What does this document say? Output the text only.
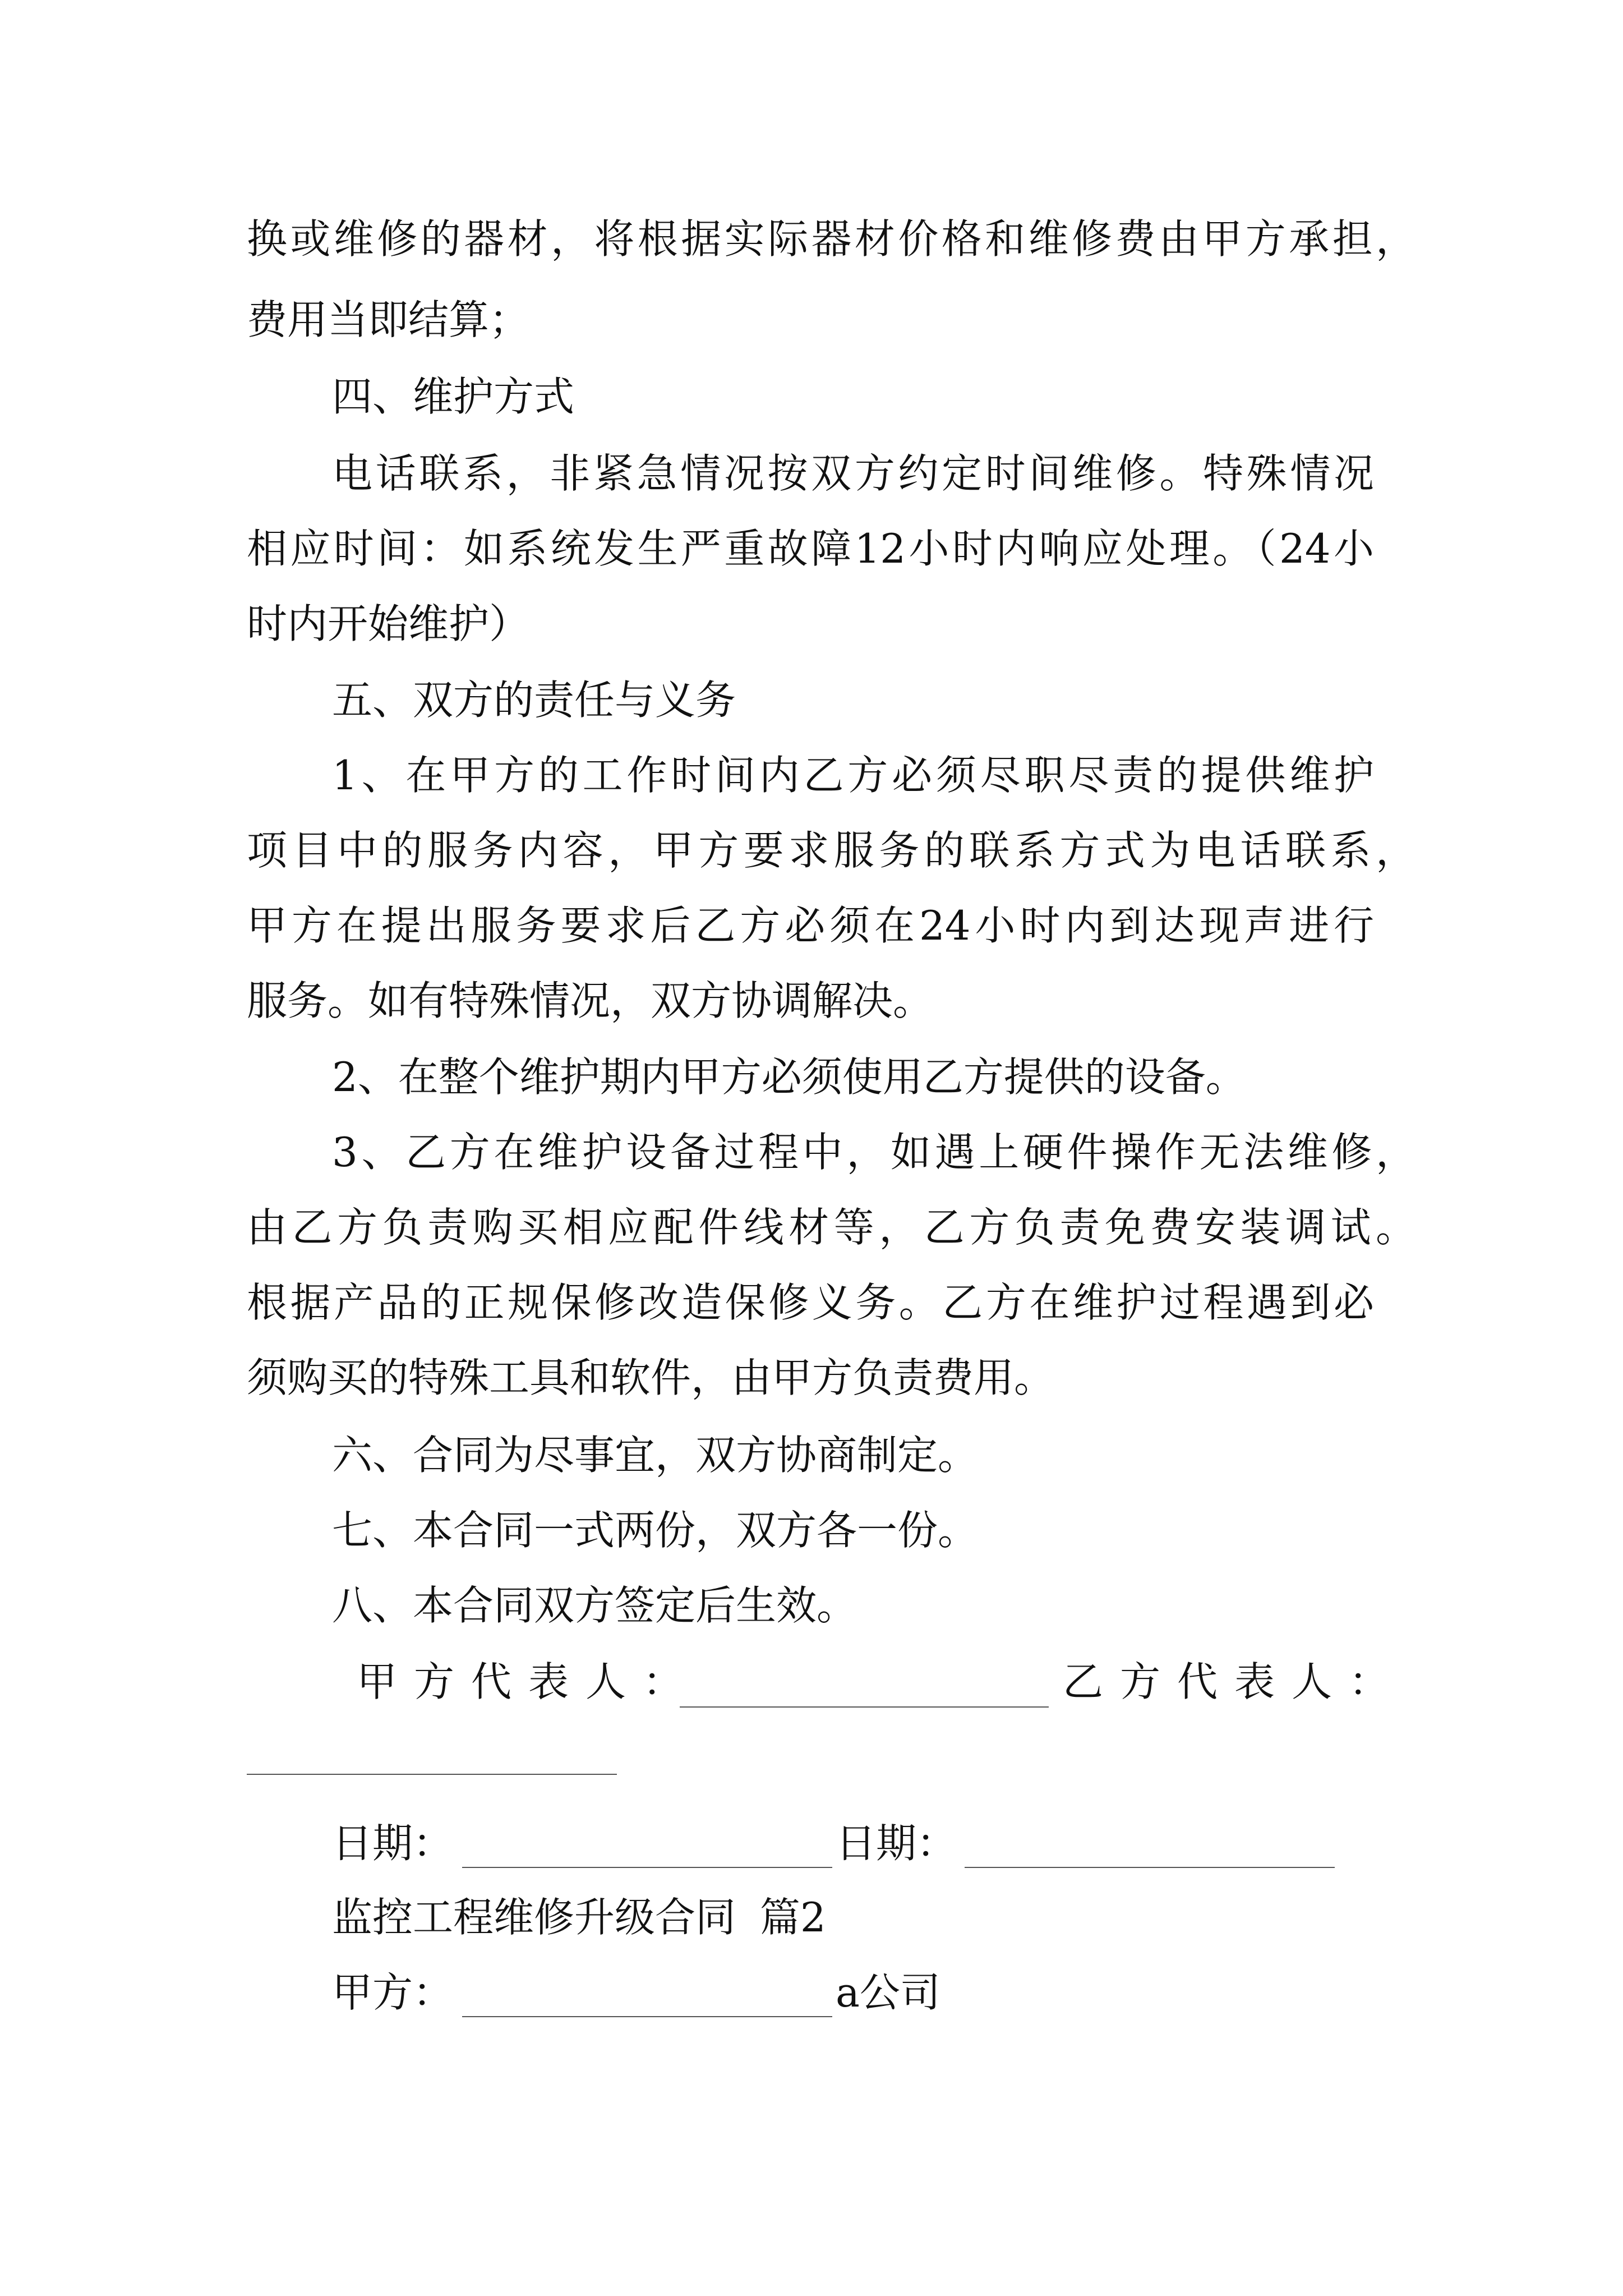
换或维修的器材，将根据实际器材价格和维修费由甲方承担，
费用当即结算；
四、维护方式
电话联系，非紧急情况按双方约定时间维修。特殊情况
相应时间：如系统发生严重故障12小时内响应处理。（24小
时内开始维护）
五、双方的责任与义务
1、在甲方的工作时间内乙方必须尽职尽责的提供维护
项目中的服务内容，甲方要求服务的联系方式为电话联系，
甲方在提出服务要求后乙方必须在24小时内到达现声进行
服务。如有特殊情况，双方协调解决。
2、在整个维护期内甲方必须使用乙方提供的设备。
3、乙方在维护设备过程中，如遇上硬件操作无法维修，
由乙方负责购买相应配件线材等，乙方负责免费安装调试。
根据产品的正规保修改造保修义务。乙方在维护过程遇到必
须购买的特殊工具和软件，由甲方负责费用。
六、合同为尽事宜，双方协商制定。
七、本合同一式两份，双方各一份。
八、本合同双方签定后生效。
甲方代表人：	乙方代表人：
日期：	日期：
监控工程维修升级合同 篇2
甲方：	a公司
